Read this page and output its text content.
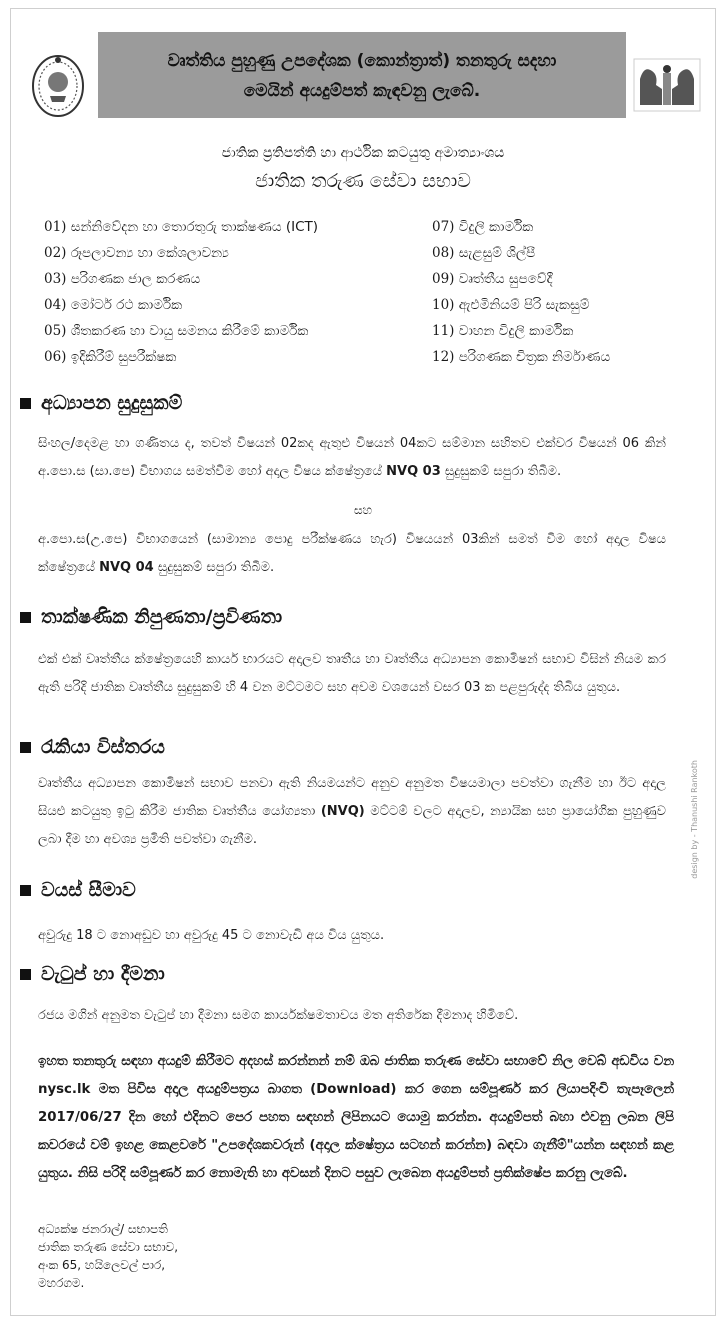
වෘත්තිය පුහුණු උපදේශක (කොන්ත්‍රාත්) තනතුරු සදහා
මෙයින් අයදුම්පත් කැඳවනු ලැබේ.
ජාතික ප්‍රතිපත්ති හා ආර්ථික කටයුතු අමාත්‍යාංශය
ජාතික තරුණ සේවා සභාව
01) සන්නිවේදන හා තොරතුරු තාක්ෂණය (ICT)
02) රූපලාවන්‍ය හා කේශලාවන්‍ය
03) පරිගණක ජාල කරණය
04) මෝටර් රථ කාර්මික
05) ශීතකරණ හා වායු සමනය කිරීමේ කාර්මික
06) ඉදිකිරීම් සුපරීක්ෂක
07) විදුලි කාර්මික
08) සැළසුම් ශිල්පී
09) වෘත්තීය සුපවේදී
10) ඇළුමිනියම් පිරි සැකසුම්
11) වාහන විදුලි කාර්මික
12) පරිගණක චිත්‍රක නිර්මාණය
අධ්‍යාපන සුදුසුකම්
සිංහල/දෙමළ හා ගණිතය ද, තවත් විෂයන් 02කද ඇතුළු විෂයන් 04කට සම්මාන සහිතව එක්වර විෂයන් 06 කින් අ.පො.ස (සා.පෙ) විභාගය සමත්වීම හෝ අදාල විෂය ක්ෂේත්‍රයේ NVQ 03 සුදුසුකම් සපුරා තිබීම.
සහ
අ.පො.ස(උ.පෙ) විභාගයෙන් (සාමාන්‍ය පොදු පරීක්ෂණය හැර) විෂයයන් 03කින් සමත් වීම හෝ අදාල විෂය ක්ෂේත්‍රයේ NVQ 04 සුදුසුකම් සපුරා තිබීම.
තාක්ෂණික නිපුණතා/ප්‍රවිණතා
එක් එක් වෘත්තීය ක්ෂේත්‍රයෙහි කාර්ය භාරයට අදාලව තෘතීය හා වෘත්තීය අධ්‍යාපන කොමිෂන් සභාව විසින් නියම කර ඇති පරිදි ජාතික වෘත්තීය සුදුසුකම් හි 4 වන මට්ටමට සහ අවම වශයෙන් වසර 03 ක පළපුරුද්ද තිබිය යුතුය.
රැකියා විස්තරය
වෘත්තීය අධ්‍යාපන කොමිෂන් සභාව පනවා ඇති නියමයන්ට අනුව අනුමත විෂයමාලා පවත්වා ගැනීම හා ඊට අදාල සියළු කටයුතු ඉටු කිරීම ජාතික වෘත්තීය යෝග්‍යතා (NVQ) මට්ටම් වලට අදාලව, න්‍යායික සහ ප්‍රායෝගික පුහුණුව ලබා දීම හා අවශ්‍ය ප්‍රමිති පවත්වා ගැනීම.
වයස් සීමාව
අවුරුදු 18 ට නොඅඩුව හා අවුරුදු 45 ට නොවැඩි අය විය යුතුය.
වැටුප් හා දීමනා
රජය මගින් අනුමත වැටුප් හා දීමනා සමග කාර්යක්ෂමතාවය මත අතිරේක දීමනාද හිමිවේ.
ඉහත තනතුරු සඳහා අයදුම් කිරීමට අදහස් කරන්නන් නම් ඔබ ජාතික තරුණ සේවා සභාවේ නිල වෙබ් අඩවිය වන nysc.lk මත පිවිස අදාල අයදුම්පත්‍රය බාගත (Download) කර ගෙන සම්පූර්ණ කර ලියාපදිංචි තැපෑලෙන් 2017/06/27 දින හෝ එදිනට පෙර පහත සඳහන් ලිපිනයට යොමු කරන්න. අයදුම්පත් බහා එවනු ලබන ලිපි කවරයේ වම් ඉහළ කෙළවරේ "උපදේශකවරුන් (අදාල ක්ෂේත්‍රය සටහන් කරන්න) බඳවා ගැනීම්"යන්න සඳහන් කළ යුතුය. නිසි පරිදි සම්පූර්ණ කර නොමැති හා අවසන් දිනට පසුව ලැබෙන අයදුම්පත් ප්‍රතික්ෂේප කරනු ලැබේ.
අධ්‍යක්ෂ ජනරාල්/ සභාපති
ජාතික තරුණ සේවා සභාව,
අංක 65, හයිලෙවල් පාර,
මහරගම.
design by - Thanushi Rankoth
